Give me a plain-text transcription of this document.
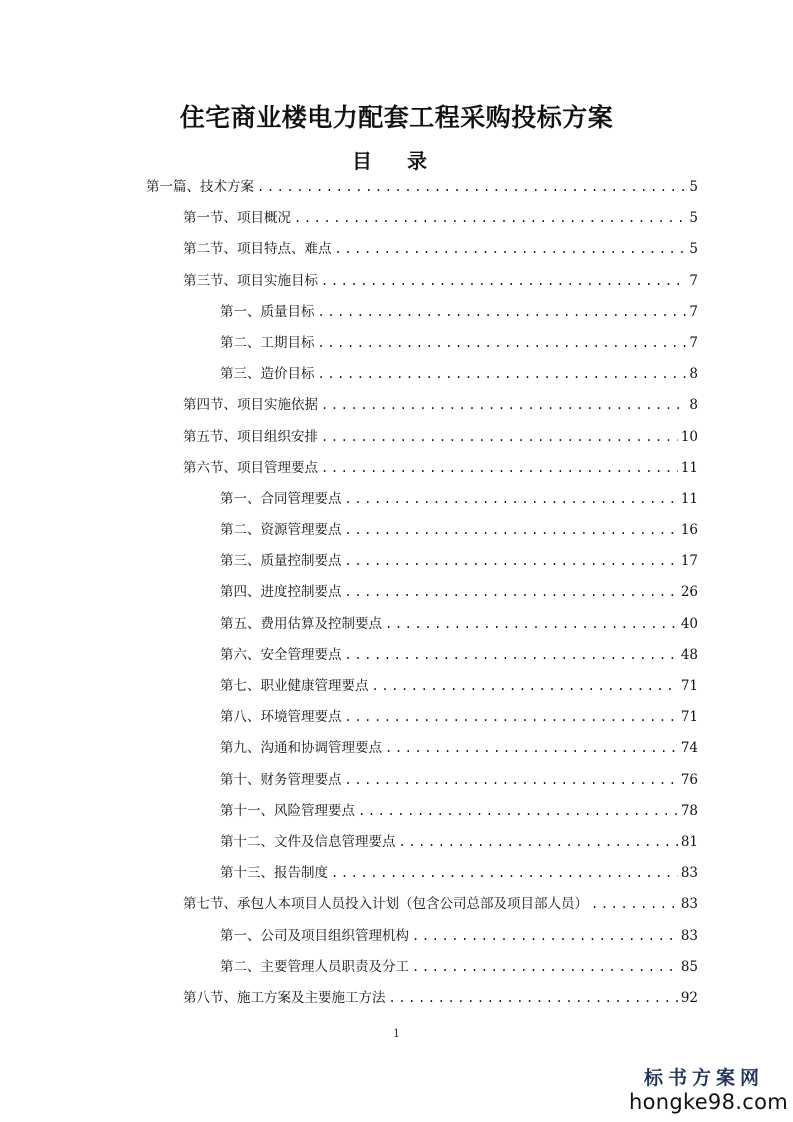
住宅商业楼电力配套工程采购投标方案
目 录
第一篇、技术方案 .....	5
第一节、项目概况 .....	5
第二节、项目特点、难点 .....	5
第三节、项目实施目标 .....	7
第一、质量目标 .....	7
第二、工期目标 .....	7
第三、造价目标 .....	8
第四节、项目实施依据 .....	8
第五节、项目组织安排 .....	10
第六节、项目管理要点 .....	11
第一、合同管理要点 .....	11
第二、资源管理要点 .....	16
第三、质量控制要点 .....	17
第四、进度控制要点 .....	26
第五、费用估算及控制要点 .....	40
第六、安全管理要点 .....	48
第七、职业健康管理要点 .....	71
第八、环境管理要点 .....	71
第九、沟通和协调管理要点 .....	74
第十、财务管理要点 .....	76
第十一、风险管理要点 .....	78
第十二、文件及信息管理要点 .....	81
第十三、报告制度 .....	83
第七节、承包人本项目人员投入计划（包含公司总部及项目部人员） .....	83
第一、公司及项目组织管理机构 .....	83
第二、主要管理人员职责及分工 .....	85
第八节、施工方案及主要施工方法 .....	92
1
标书方案网
hongke98.com
